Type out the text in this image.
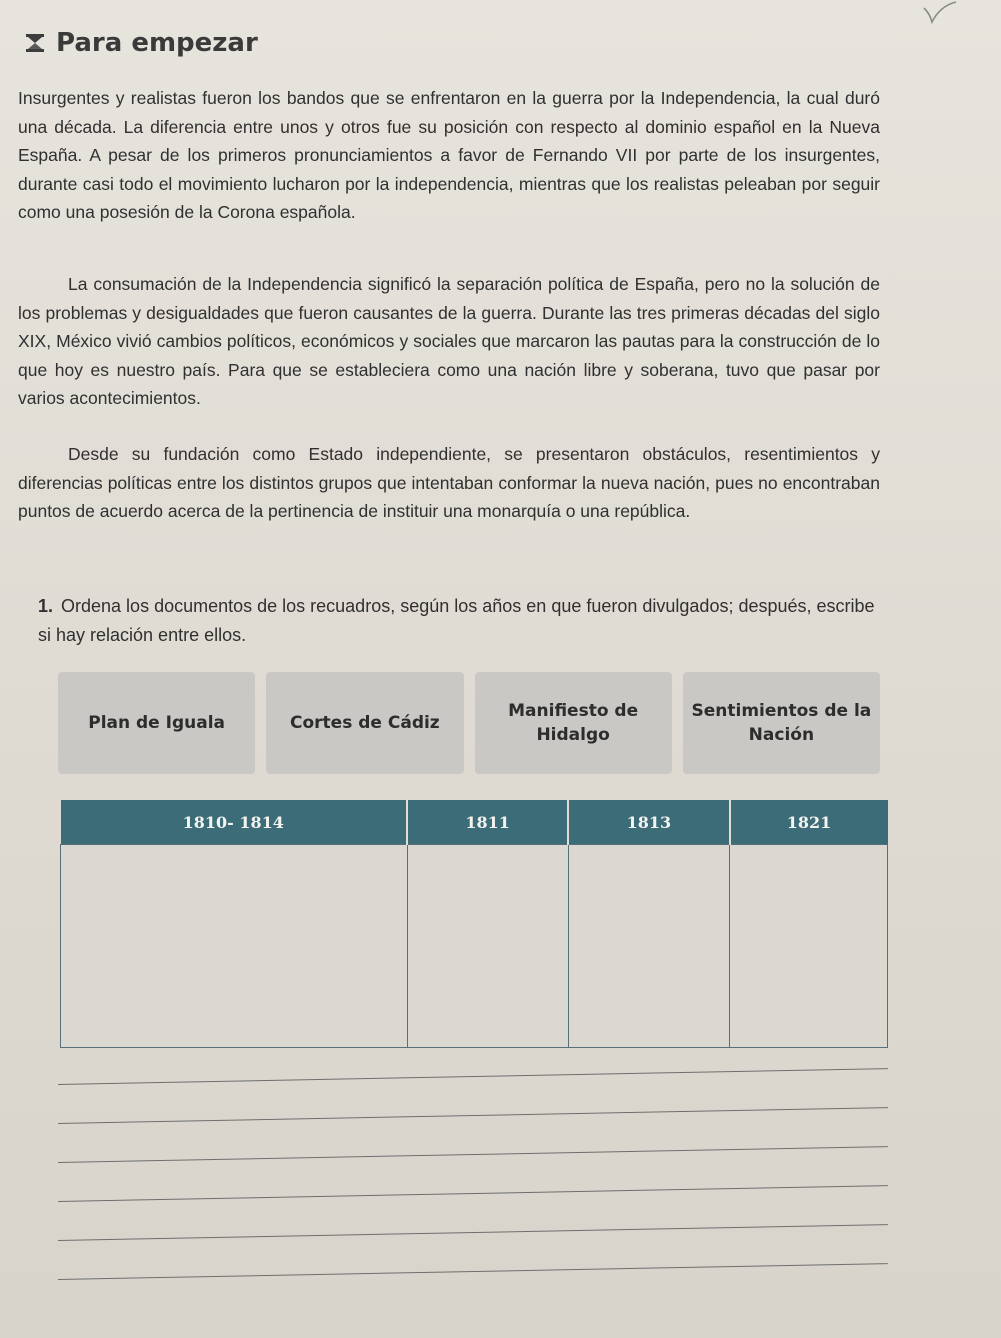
Para empezar

Insurgentes y realistas fueron los bandos que se enfrentaron en la guerra por la Independencia, la cual duró una década. La diferencia entre unos y otros fue su posición con respecto al dominio español en la Nueva España. A pesar de los primeros pronunciamientos a favor de Fernando VII por parte de los insurgentes, durante casi todo el movimiento lucharon por la independencia, mientras que los realistas peleaban por seguir como una posesión de la Corona española.

La consumación de la Independencia significó la separación política de España, pero no la solución de los problemas y desigualdades que fueron causantes de la guerra. Durante las tres primeras décadas del siglo XIX, México vivió cambios políticos, económicos y sociales que marcaron las pautas para la construcción de lo que hoy es nuestro país. Para que se estableciera como una nación libre y soberana, tuvo que pasar por varios acontecimientos.

Desde su fundación como Estado independiente, se presentaron obstáculos, resentimientos y diferencias políticas entre los distintos grupos que intentaban conformar la nueva nación, pues no encontraban puntos de acuerdo acerca de la pertinencia de instituir una monarquía o una república.

1. Ordena los documentos de los recuadros, según los años en que fueron divulgados; después, escribe si hay relación entre ellos.
Plan de Iguala	Cortes de Cádiz
Manifiesto de Hidalgo
Sentimientos de la Nación
1810- 1814	1811	1813	1821
